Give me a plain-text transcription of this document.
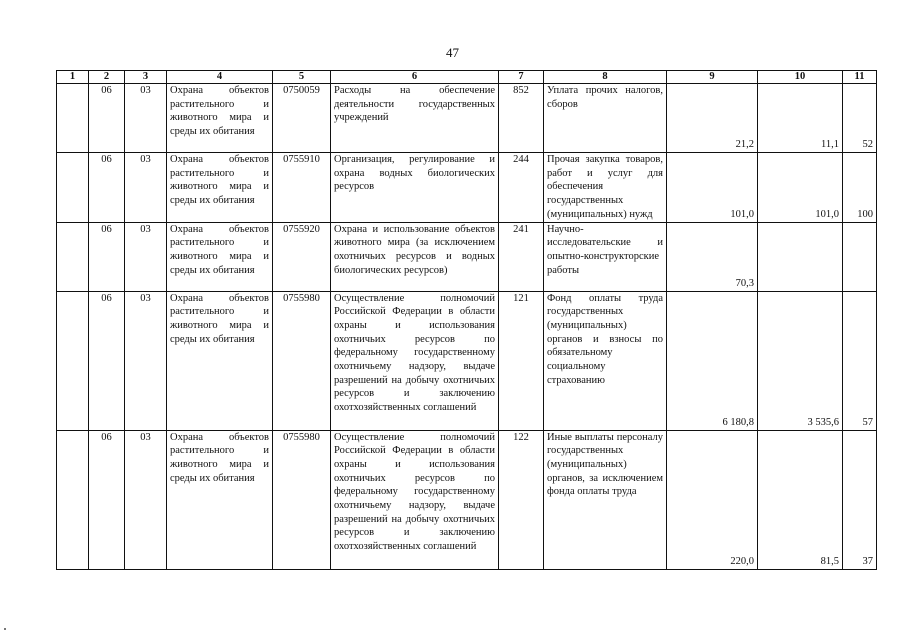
47
1	2	3	4	5	6	7	8	9	10	11
	06	03	Охрана объектов растительного и животного мира и среды их обитания	0750059	Расходы на обеспечение деятельности государственных учреждений	852	Уплата прочих налогов, сборов	21,2	11,1	52
	06	03	Охрана объектов растительного и животного мира и среды их обитания	0755910	Организация, регулирование и охрана водных биологических ресурсов	244	Прочая закупка товаров, работ и услуг для обеспечения государственных (муниципальных) нужд	101,0	101,0	100
	06	03	Охрана объектов растительного и животного мира и среды их обитания	0755920	Охрана и использование объектов животного мира (за исключением охотничьих ресурсов и водных биологических ресурсов)	241	Научно-исследовательские и опытно-конструкторские работы	70,3		
	06	03	Охрана объектов растительного и животного мира и среды их обитания	0755980	Осуществление полномочий Российской Федерации в области охраны и использования охотничьих ресурсов по федеральному государственному охотничьему надзору, выдаче разрешений на добычу охотничьих ресурсов и заключению охотхозяйственных соглашений	121	Фонд оплаты труда государственных (муниципальных) органов и взносы по обязательному социальному страхованию	6 180,8	3 535,6	57
	06	03	Охрана объектов растительного и животного мира и среды их обитания	0755980	Осуществление полномочий Российской Федерации в области охраны и использования охотничьих ресурсов по федеральному государственному охотничьему надзору, выдаче разрешений на добычу охотничьих ресурсов и заключению охотхозяйственных соглашений	122	Иные выплаты персоналу государственных (муниципальных) органов, за исключением фонда оплаты труда	220,0	81,5	37
